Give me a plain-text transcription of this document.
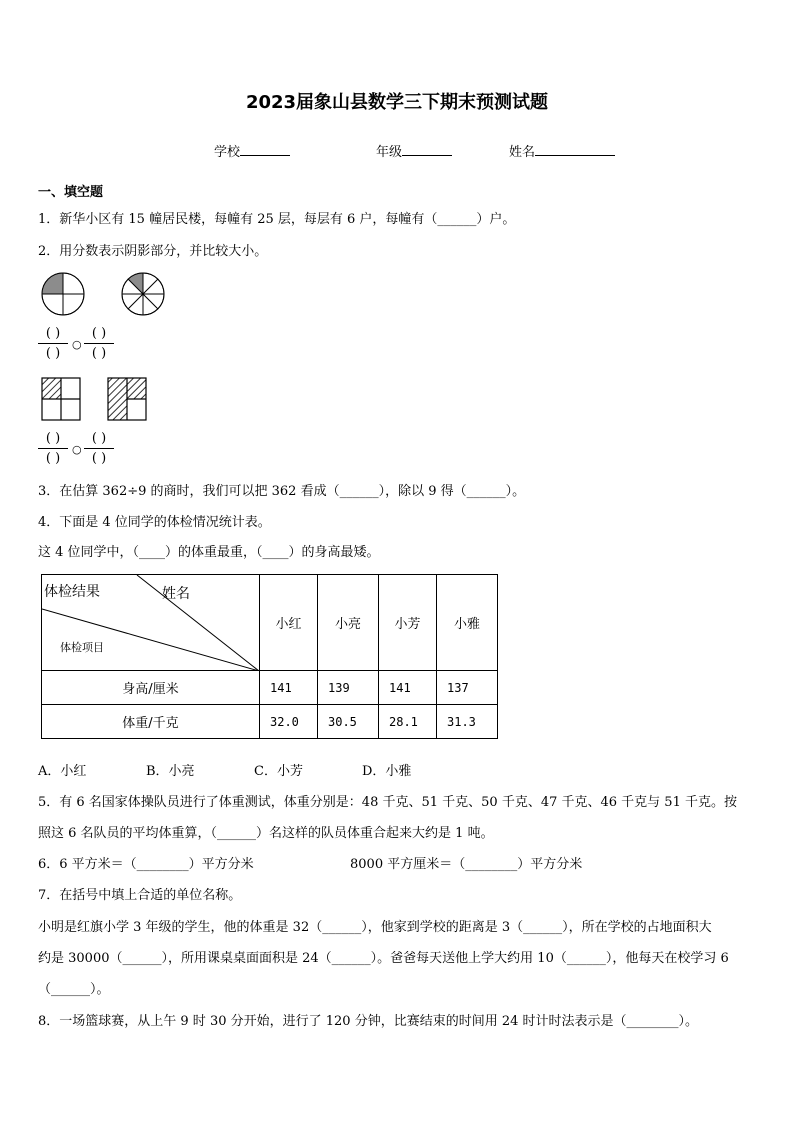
2023届象山县数学三下期末预测试题
学校	年级	姓名
一、填空题
1．新华小区有 15 幢居民楼，每幢有 25 层，每层有 6 户，每幢有（______）户。
2．用分数表示阴影部分，并比较大小。
( )
( )
○
( )
( )
( )
( )
○
( )
( )
3．在估算 362÷9 的商时，我们可以把 362 看成（______），除以 9 得（______）。
4．下面是 4 位同学的体检情况统计表。
这 4 位同学中，（____）的体重最重，（____）的身高最矮。
体检结果 姓名
体检项目	小红	小亮	小芳	小雅
身高/厘米	141	139	141	137
体重/千克	32.0	30.5	28.1	31.3
A．小红	B．小亮	C．小芳	D．小雅
5．有 6 名国家体操队员进行了体重测试，体重分别是：48 千克、51 千克、50 千克、47 千克、46 千克与 51 千克。按
照这 6 名队员的平均体重算，（______）名这样的队员体重合起来大约是 1 吨。
6．6 平方米＝（________）平方分米	8000 平方厘米＝（________）平方分米
7．在括号中填上合适的单位名称。
小明是红旗小学 3 年级的学生，他的体重是 32（______），他家到学校的距离是 3（______），所在学校的占地面积大
约是 30000（______），所用课桌桌面面积是 24（______）。爸爸每天送他上学大约用 10（______），他每天在校学习 6
（______）。
8．一场篮球赛，从上午 9 时 30 分开始，进行了 120 分钟，比赛结束的时间用 24 时计时法表示是（________）。
